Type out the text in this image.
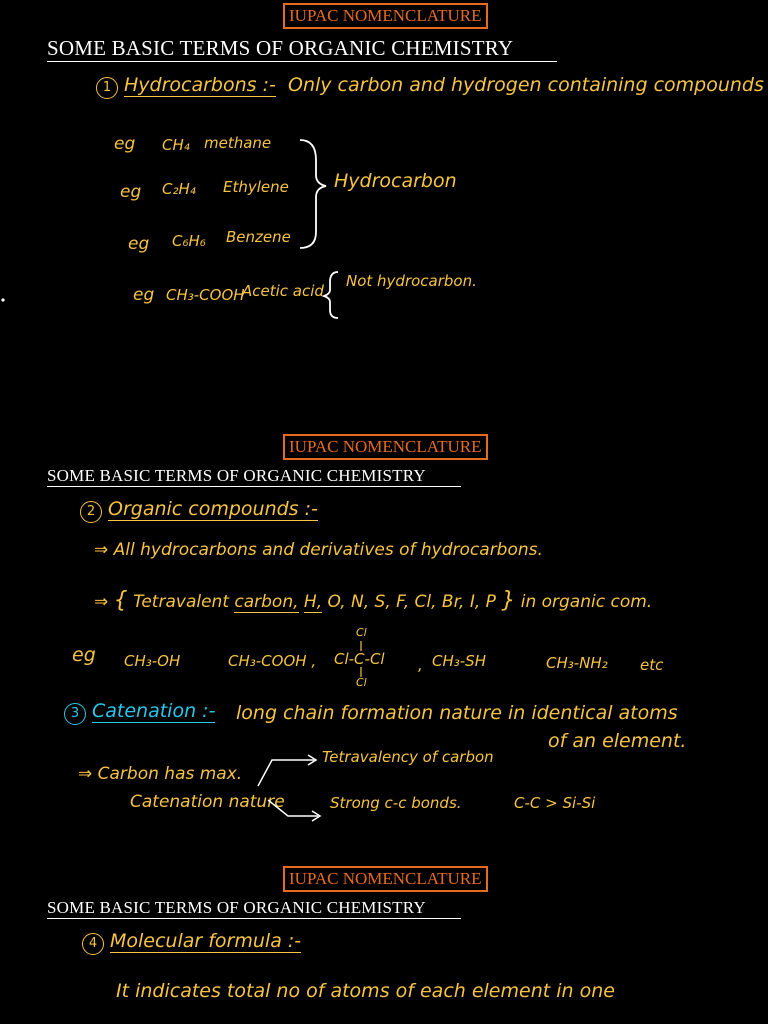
IUPAC NOMENCLATURE
SOME BASIC TERMS OF ORGANIC CHEMISTRY
1 Hydrocarbons :- Only carbon and hydrogen containing compounds
eg CH₄ methane
eg C₂H₄ Ethylene
eg C₆H₆ Benzene
Hydrocarbon
eg CH₃-COOH
Acetic acid
Not hydrocarbon.
IUPAC NOMENCLATURE
SOME BASIC TERMS OF ORGANIC CHEMISTRY
2 Organic compounds :-
⇒ All hydrocarbons and derivatives of hydrocarbons.
⇒ { Tetravalent carbon, H, O, N, S, F, Cl, Br, I, P } in organic com.
eg CH₃-OH	CH₃-COOH ,
Cl
Cl-C-Cl
Cl
, CH₃-SH	CH₃-NH₂ etc
3 Catenation :- long chain formation nature in identical atoms
of an element.
⇒ Carbon has max.
Catenation nature
Tetravalency of carbon
Strong c-c bonds.	C-C > Si-Si
IUPAC NOMENCLATURE
SOME BASIC TERMS OF ORGANIC CHEMISTRY
4 Molecular formula :-
It indicates total no of atoms of each element in one
